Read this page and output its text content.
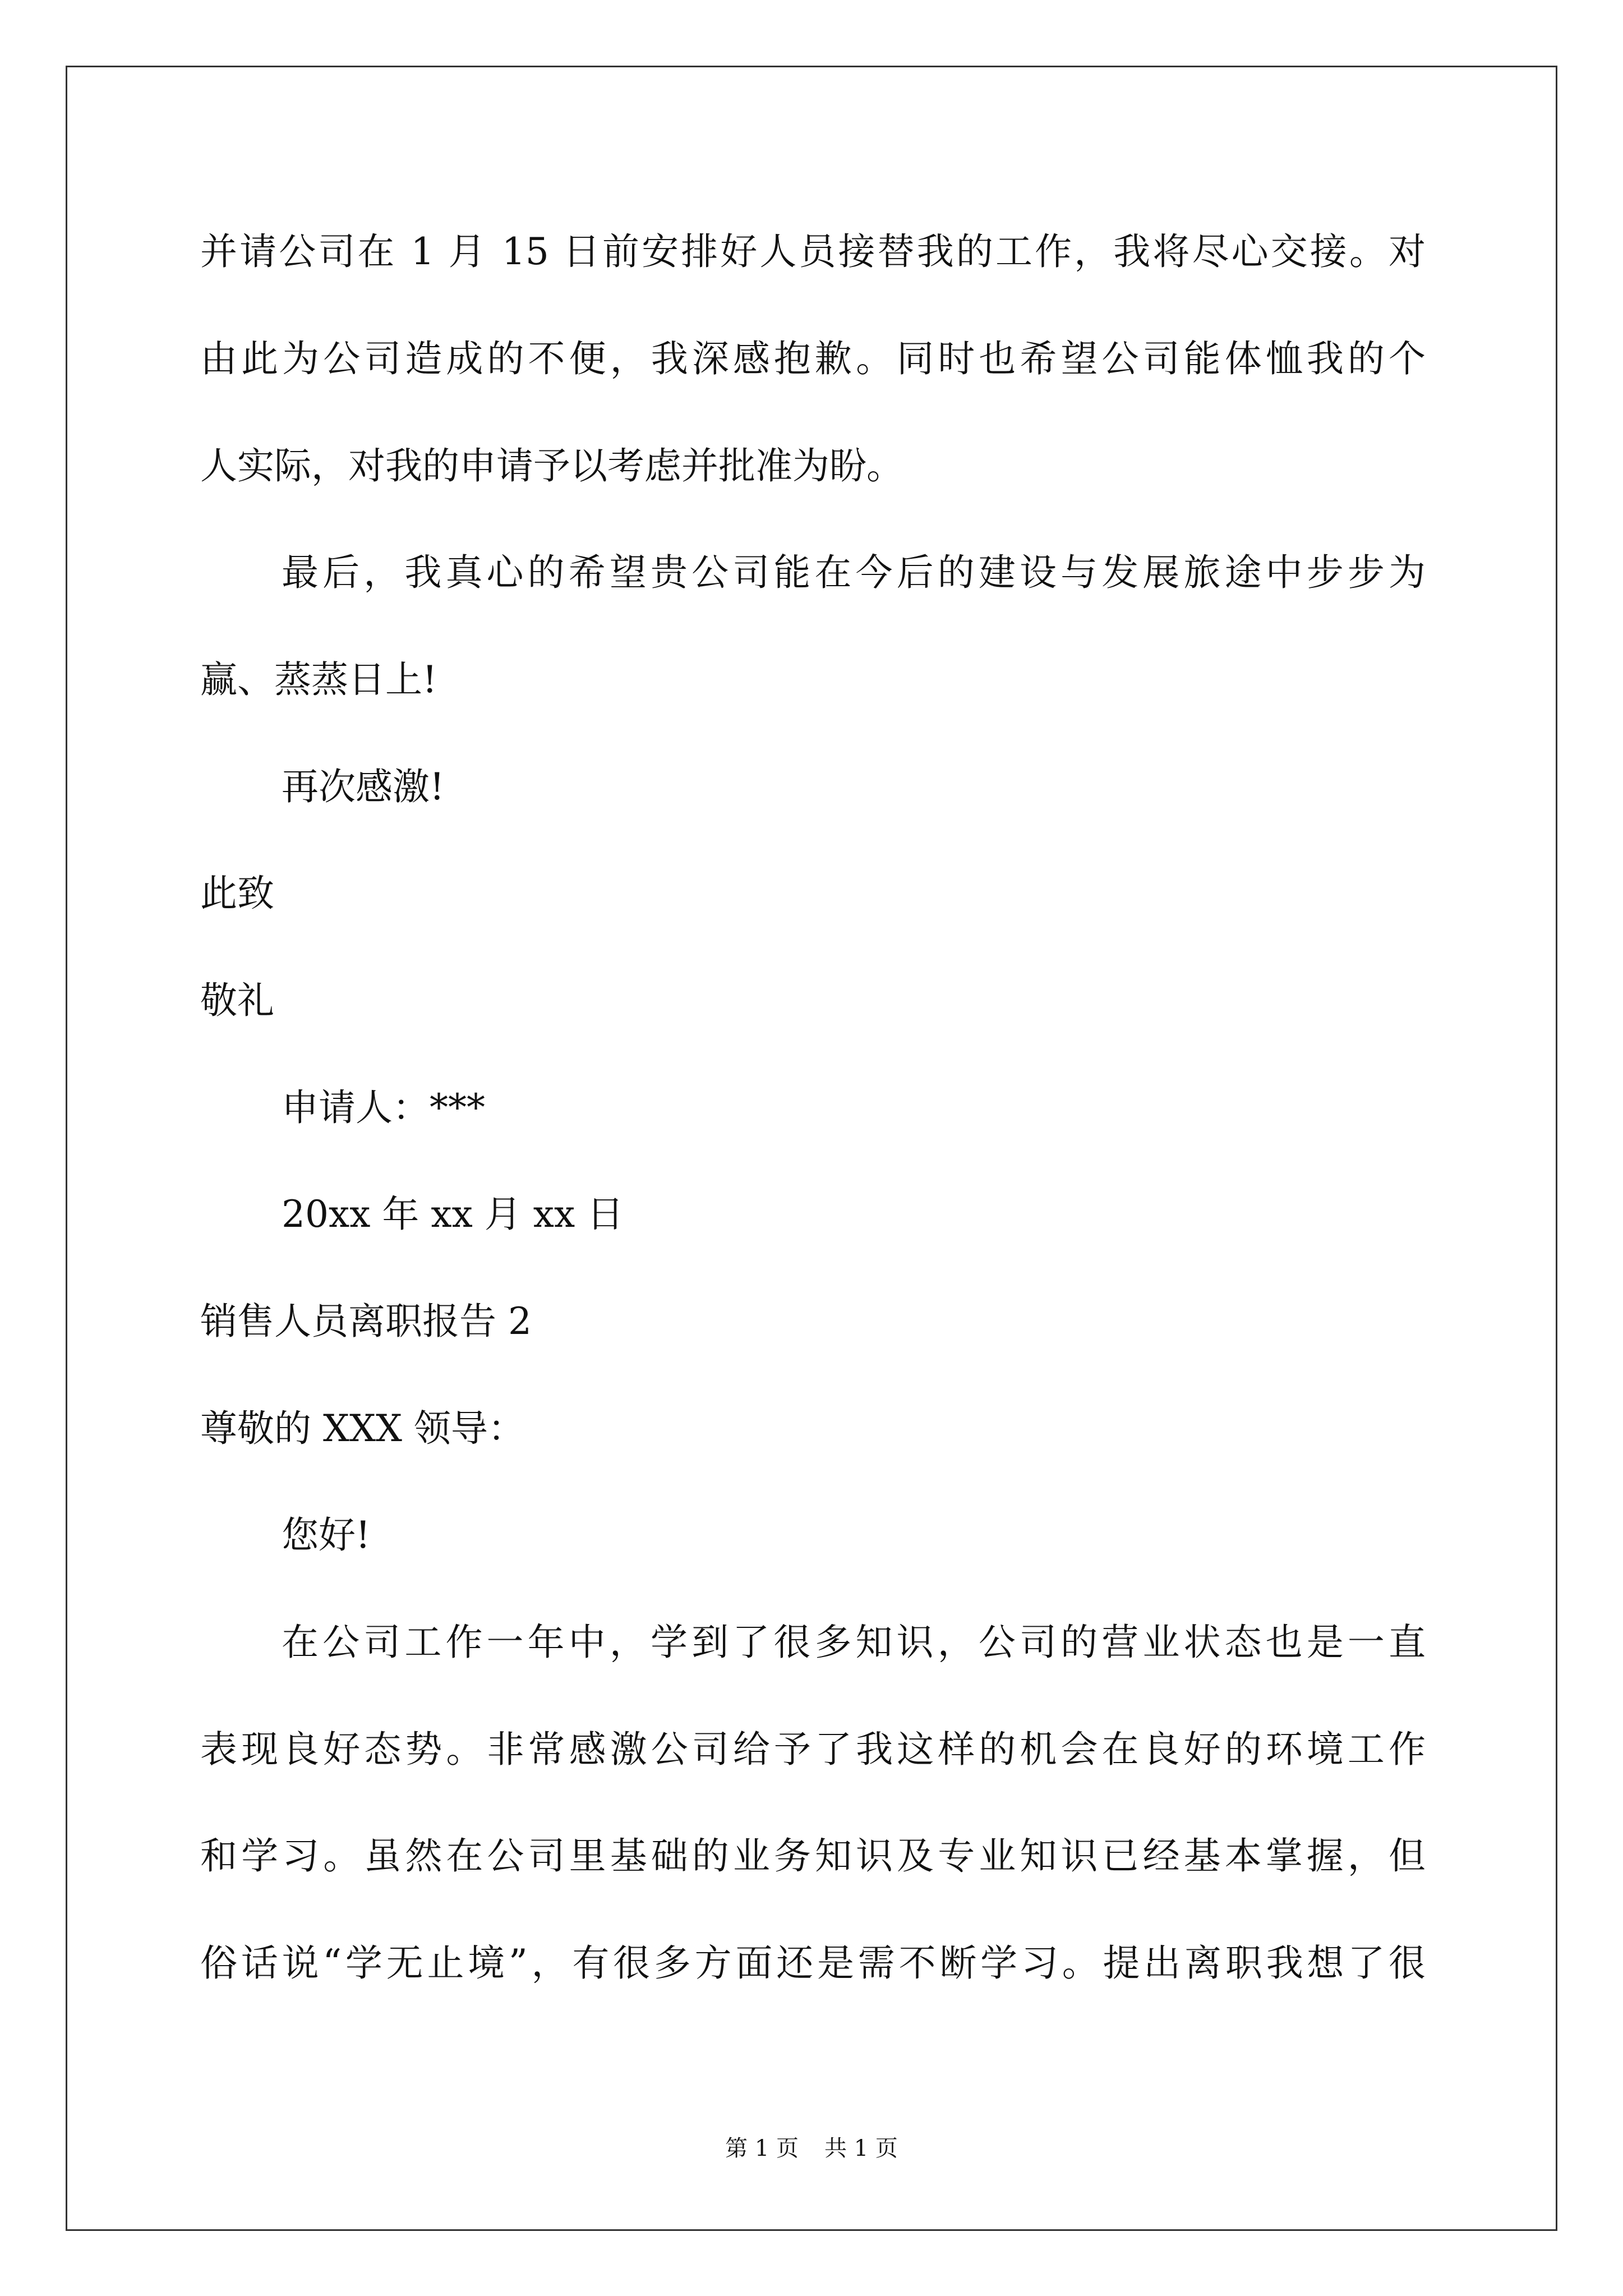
并请公司在 1 月 15 日前安排好人员接替我的工作，我将尽心交接。对
由此为公司造成的不便，我深感抱歉。同时也希望公司能体恤我的个
人实际，对我的申请予以考虑并批准为盼。
最后，我真心的希望贵公司能在今后的建设与发展旅途中步步为
赢、蒸蒸日上!
再次感激!
此致
敬礼
申请人：***
20xx 年 xx 月 xx 日
销售人员离职报告 2
尊敬的 XXX 领导：
您好!
在公司工作一年中，学到了很多知识，公司的营业状态也是一直
表现良好态势。非常感激公司给予了我这样的机会在良好的环境工作
和学习。虽然在公司里基础的业务知识及专业知识已经基本掌握，但
俗话说“学无止境”，有很多方面还是需不断学习。提出离职我想了很
第 1 页 共 1 页
